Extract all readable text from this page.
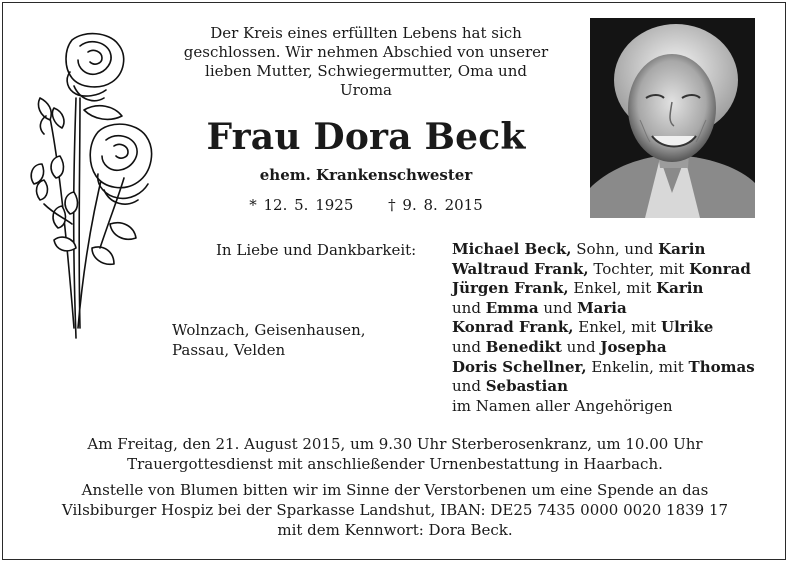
Der Kreis eines erfüllten Lebens hat sich
geschlossen. Wir nehmen Abschied von unserer
lieben Mutter, Schwiegermutter, Oma und
Uroma
Frau Dora Beck
ehem. Krankenschwester
* 12. 5. 1925 † 9. 8. 2015
In Liebe und Dankbarkeit:
Wolnzach, Geisenhausen,
Passau, Velden
Michael Beck, Sohn, und Karin
Waltraud Frank, Tochter, mit Konrad
Jürgen Frank, Enkel, mit Karin
und Emma und Maria
Konrad Frank, Enkel, mit Ulrike
und Benedikt und Josepha
Doris Schellner, Enkelin, mit Thomas
und Sebastian
im Namen aller Angehörigen
Am Freitag, den 21. August 2015, um 9.30 Uhr Sterberosenkranz, um 10.00 Uhr
Trauergottesdienst mit anschließender Urnenbestattung in Haarbach.
Anstelle von Blumen bitten wir im Sinne der Verstorbenen um eine Spende an das
Vilsbiburger Hospiz bei der Sparkasse Landshut, IBAN: DE25 7435 0000 0020 1839 17
mit dem Kennwort: Dora Beck.
